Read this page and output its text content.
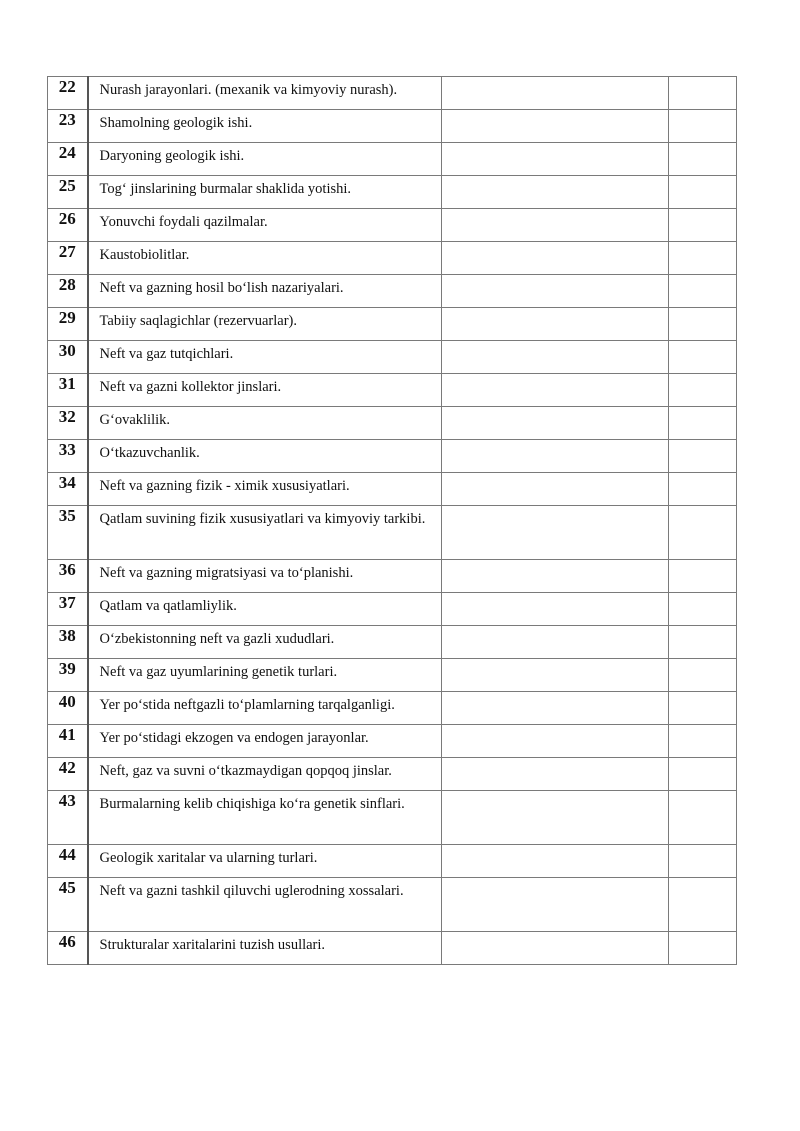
22	Nurash jarayonlari. (mexanik va kimyoviy nurash).		
23	Shamolning geologik ishi.		
24	Daryoning geologik ishi.		
25	Tog‘ jinslarining burmalar shaklida yotishi.		
26	Yonuvchi foydali qazilmalar.		
27	Kaustobiolitlar.		
28	Neft va gazning hosil bo‘lish nazariyalari.		
29	Tabiiy saqlagichlar (rezervuarlar).		
30	Neft va gaz tutqichlari.		
31	Neft va gazni kollektor jinslari.		
32	G‘ovaklilik.		
33	O‘tkazuvchanlik.		
34	Neft va gazning fizik - ximik xususiyatlari.		
35	Qatlam suvining fizik xususiyatlari va kimyoviy tarkibi.		
36	Neft va gazning migratsiyasi va to‘planishi.		
37	Qatlam va qatlamliylik.		
38	O‘zbekistonning neft va gazli xududlari.		
39	Neft va gaz uyumlarining genetik turlari.		
40	Yer po‘stida neftgazli to‘plamlarning tarqalganligi.		
41	Yer po‘stidagi ekzogen va endogen jarayonlar.		
42	Neft, gaz va suvni o‘tkazmaydigan qopqoq jinslar.		
43	Burmalarning kelib chiqishiga ko‘ra genetik sinflari.		
44	Geologik xaritalar va ularning turlari.		
45	Neft va gazni tashkil qiluvchi uglerodning xossalari.		
46	Strukturalar xaritalarini tuzish usullari.		
